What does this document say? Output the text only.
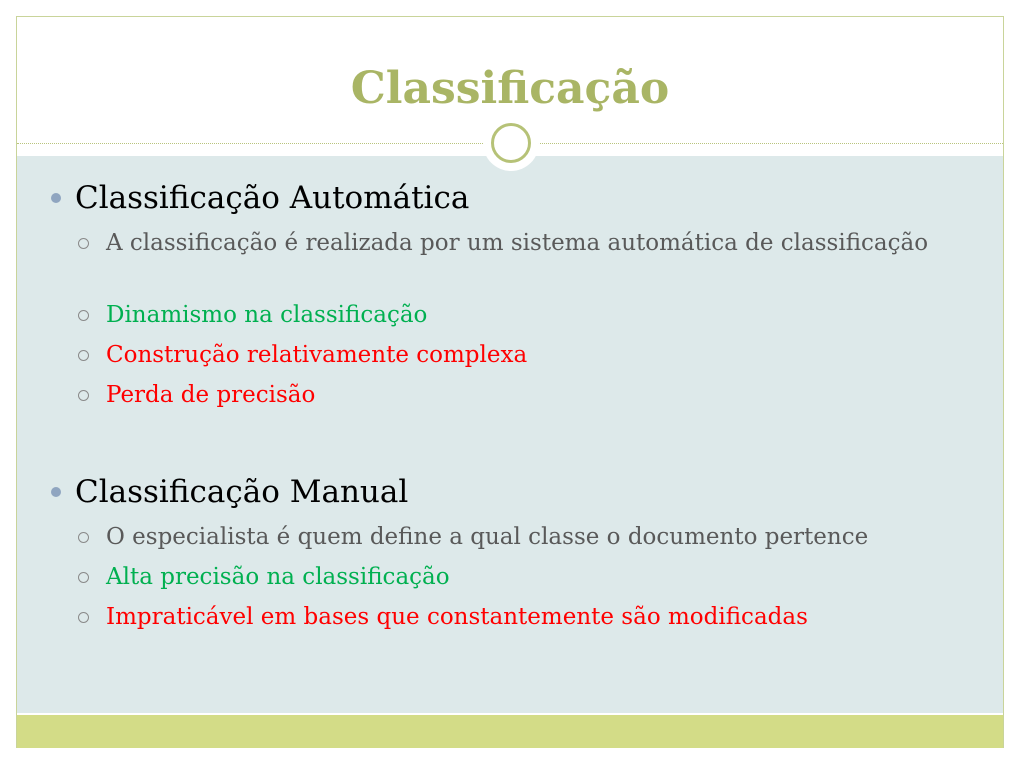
Classificação
Classificação Automática
A classificação é realizada por um sistema automática de classificação
Dinamismo na classificação
Construção relativamente complexa
Perda de precisão
Classificação Manual
O especialista é quem define a qual classe o documento pertence
Alta precisão na classificação
Impraticável em bases que constantemente são modificadas
